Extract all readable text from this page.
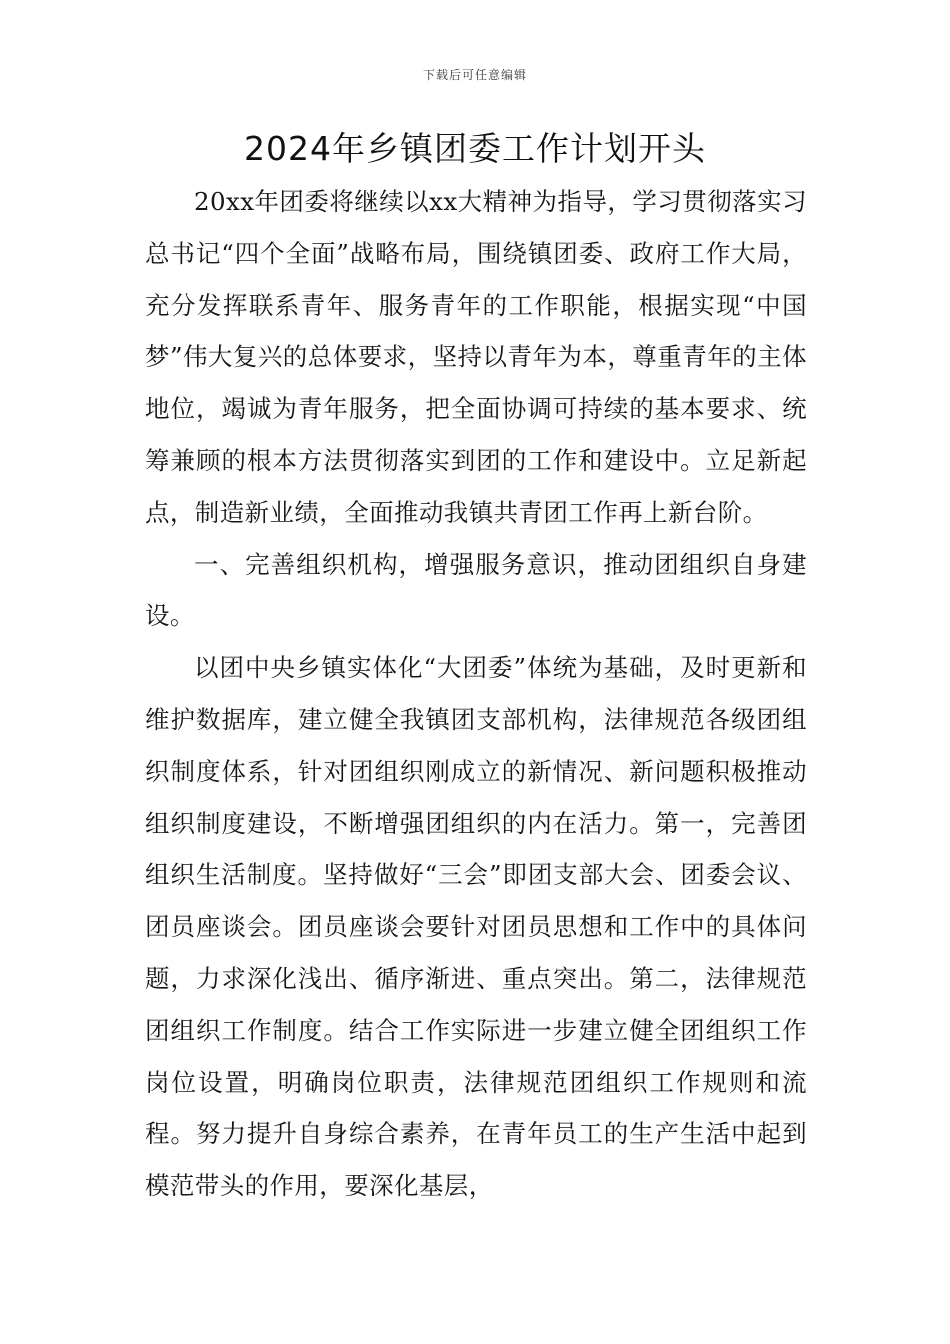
下载后可任意编辑
2024年乡镇团委工作计划开头

20xx年团委将继续以xx大精神为指导，学习贯彻落实习总书记“四个全面”战略布局，围绕镇团委、政府工作大局，充分发挥联系青年、服务青年的工作职能，根据实现“中国梦”伟大复兴的总体要求，坚持以青年为本，尊重青年的主体地位，竭诚为青年服务，把全面协调可持续的基本要求、统筹兼顾的根本方法贯彻落实到团的工作和建设中。立足新起点，制造新业绩，全面推动我镇共青团工作再上新台阶。

一、完善组织机构，增强服务意识，推动团组织自身建设。

以团中央乡镇实体化“大团委”体统为基础，及时更新和维护数据库，建立健全我镇团支部机构，法律规范各级团组织制度体系，针对团组织刚成立的新情况、新问题积极推动组织制度建设，不断增强团组织的内在活力。第一，完善团组织生活制度。坚持做好“三会”即团支部大会、团委会议、团员座谈会。团员座谈会要针对团员思想和工作中的具体问题，力求深化浅出、循序渐进、重点突出。第二，法律规范团组织工作制度。结合工作实际进一步建立健全团组织工作岗位设置，明确岗位职责，法律规范团组织工作规则和流程。努力提升自身综合素养，在青年员工的生产生活中起到模范带头的作用，要深化基层，
